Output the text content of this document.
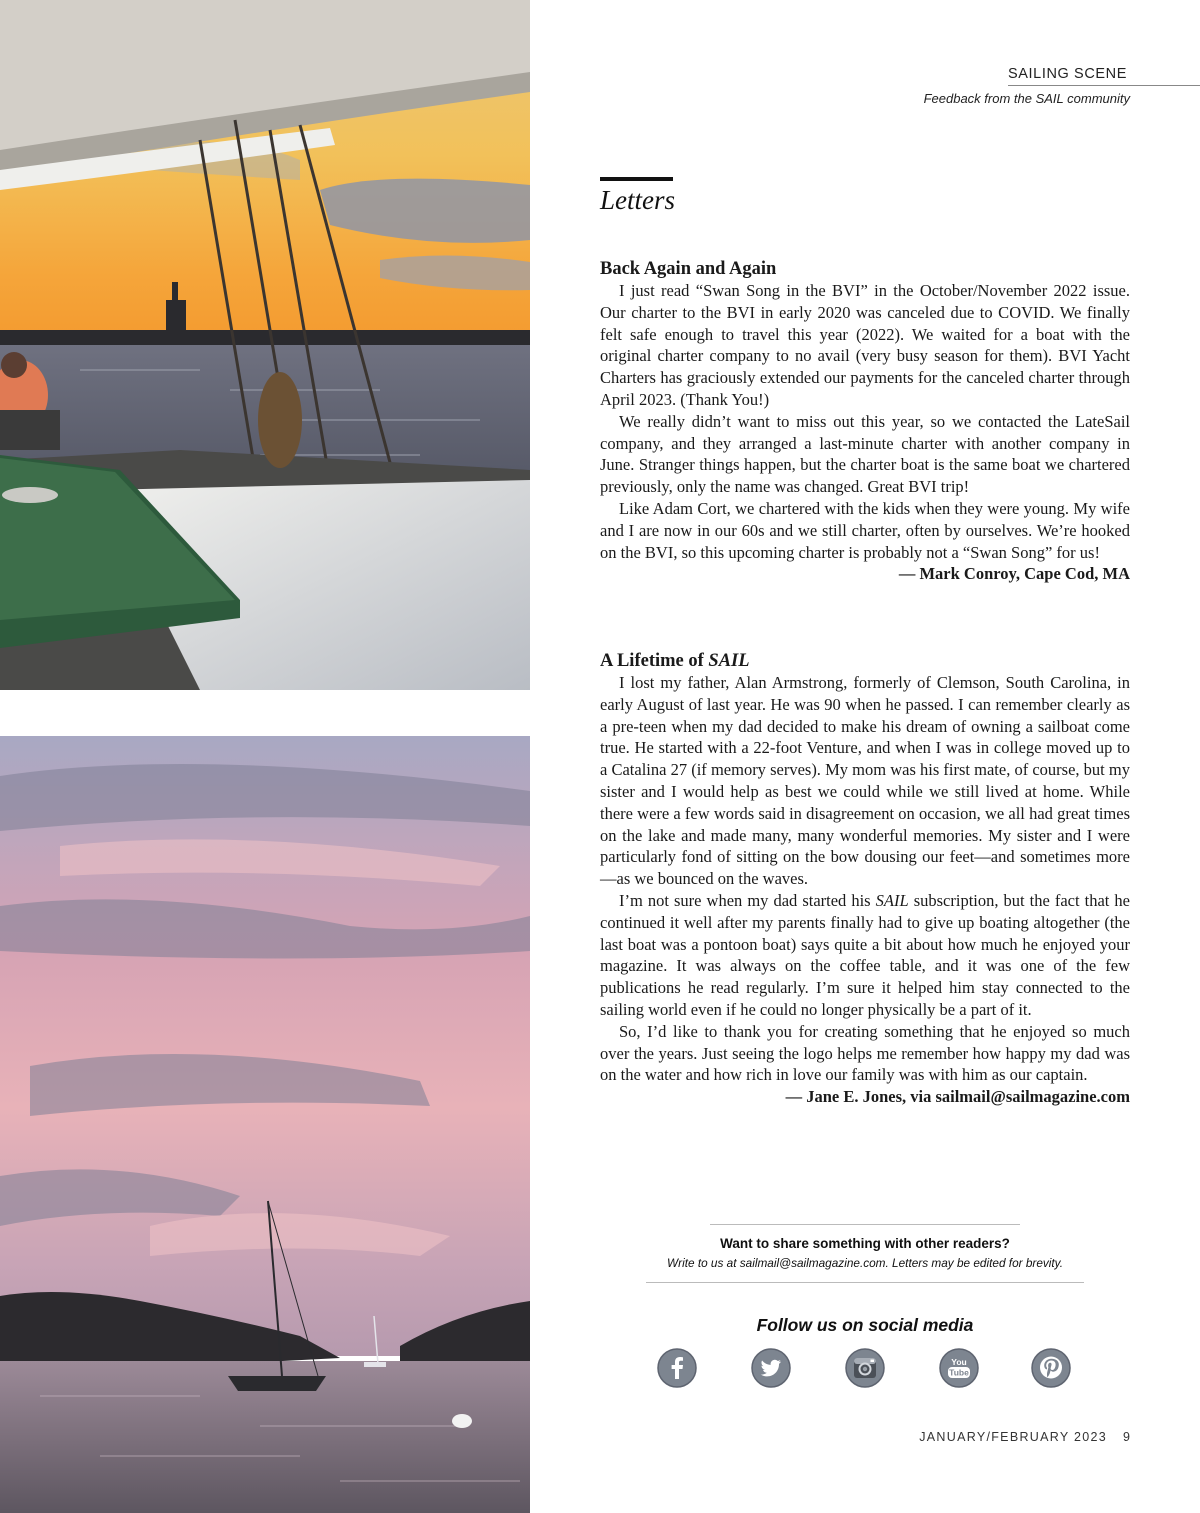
SAILING SCENE
Feedback from the SAIL community
Letters
Back Again and Again

I just read “Swan Song in the BVI” in the October/November 2022 issue. Our charter to the BVI in early 2020 was canceled due to COVID. We finally felt safe enough to travel this year (2022). We waited for a boat with the original charter company to no avail (very busy season for them). BVI Yacht Charters has graciously extended our payments for the canceled charter through April 2023. (Thank You!)

We really didn’t want to miss out this year, so we contacted the LateSail company, and they arranged a last-minute charter with another company in June. Stranger things happen, but the charter boat is the same boat we chartered previously, only the name was changed. Great BVI trip!

Like Adam Cort, we chartered with the kids when they were young. My wife and I are now in our 60s and we still charter, often by ourselves. We’re hooked on the BVI, so this upcoming charter is probably not a “Swan Song” for us!

— Mark Conroy, Cape Cod, MA
A Lifetime of SAIL

I lost my father, Alan Armstrong, formerly of Clemson, South Carolina, in early August of last year. He was 90 when he passed. I can remember clearly as a pre-teen when my dad decided to make his dream of owning a sailboat come true. He started with a 22-foot Venture, and when I was in college moved up to a Catalina 27 (if memory serves). My mom was his first mate, of course, but my sister and I would help as best we could while we still lived at home. While there were a few words said in disagreement on occasion, we all had great times on the lake and made many, many wonderful memories. My sister and I were particularly fond of sitting on the bow dousing our feet—and sometimes more—as we bounced on the waves.

I’m not sure when my dad started his SAIL subscription, but the fact that he continued it well after my parents finally had to give up boating altogether (the last boat was a pontoon boat) says quite a bit about how much he enjoyed your magazine. It was always on the coffee table, and it was one of the few publications he read regularly. I’m sure it helped him stay connected to the sailing world even if he could no longer physically be a part of it.

So, I’d like to thank you for creating something that he enjoyed so much over the years. Just seeing the logo helps me remember how happy my dad was on the water and how rich in love our family was with him as our captain.

— Jane E. Jones, via sailmail@sailmagazine.com
Want to share something with other readers?
Write to us at sailmail@sailmagazine.com. Letters may be edited for brevity.
Follow us on social media
You
Tube
JANUARY/FEBRUARY 2023 9
